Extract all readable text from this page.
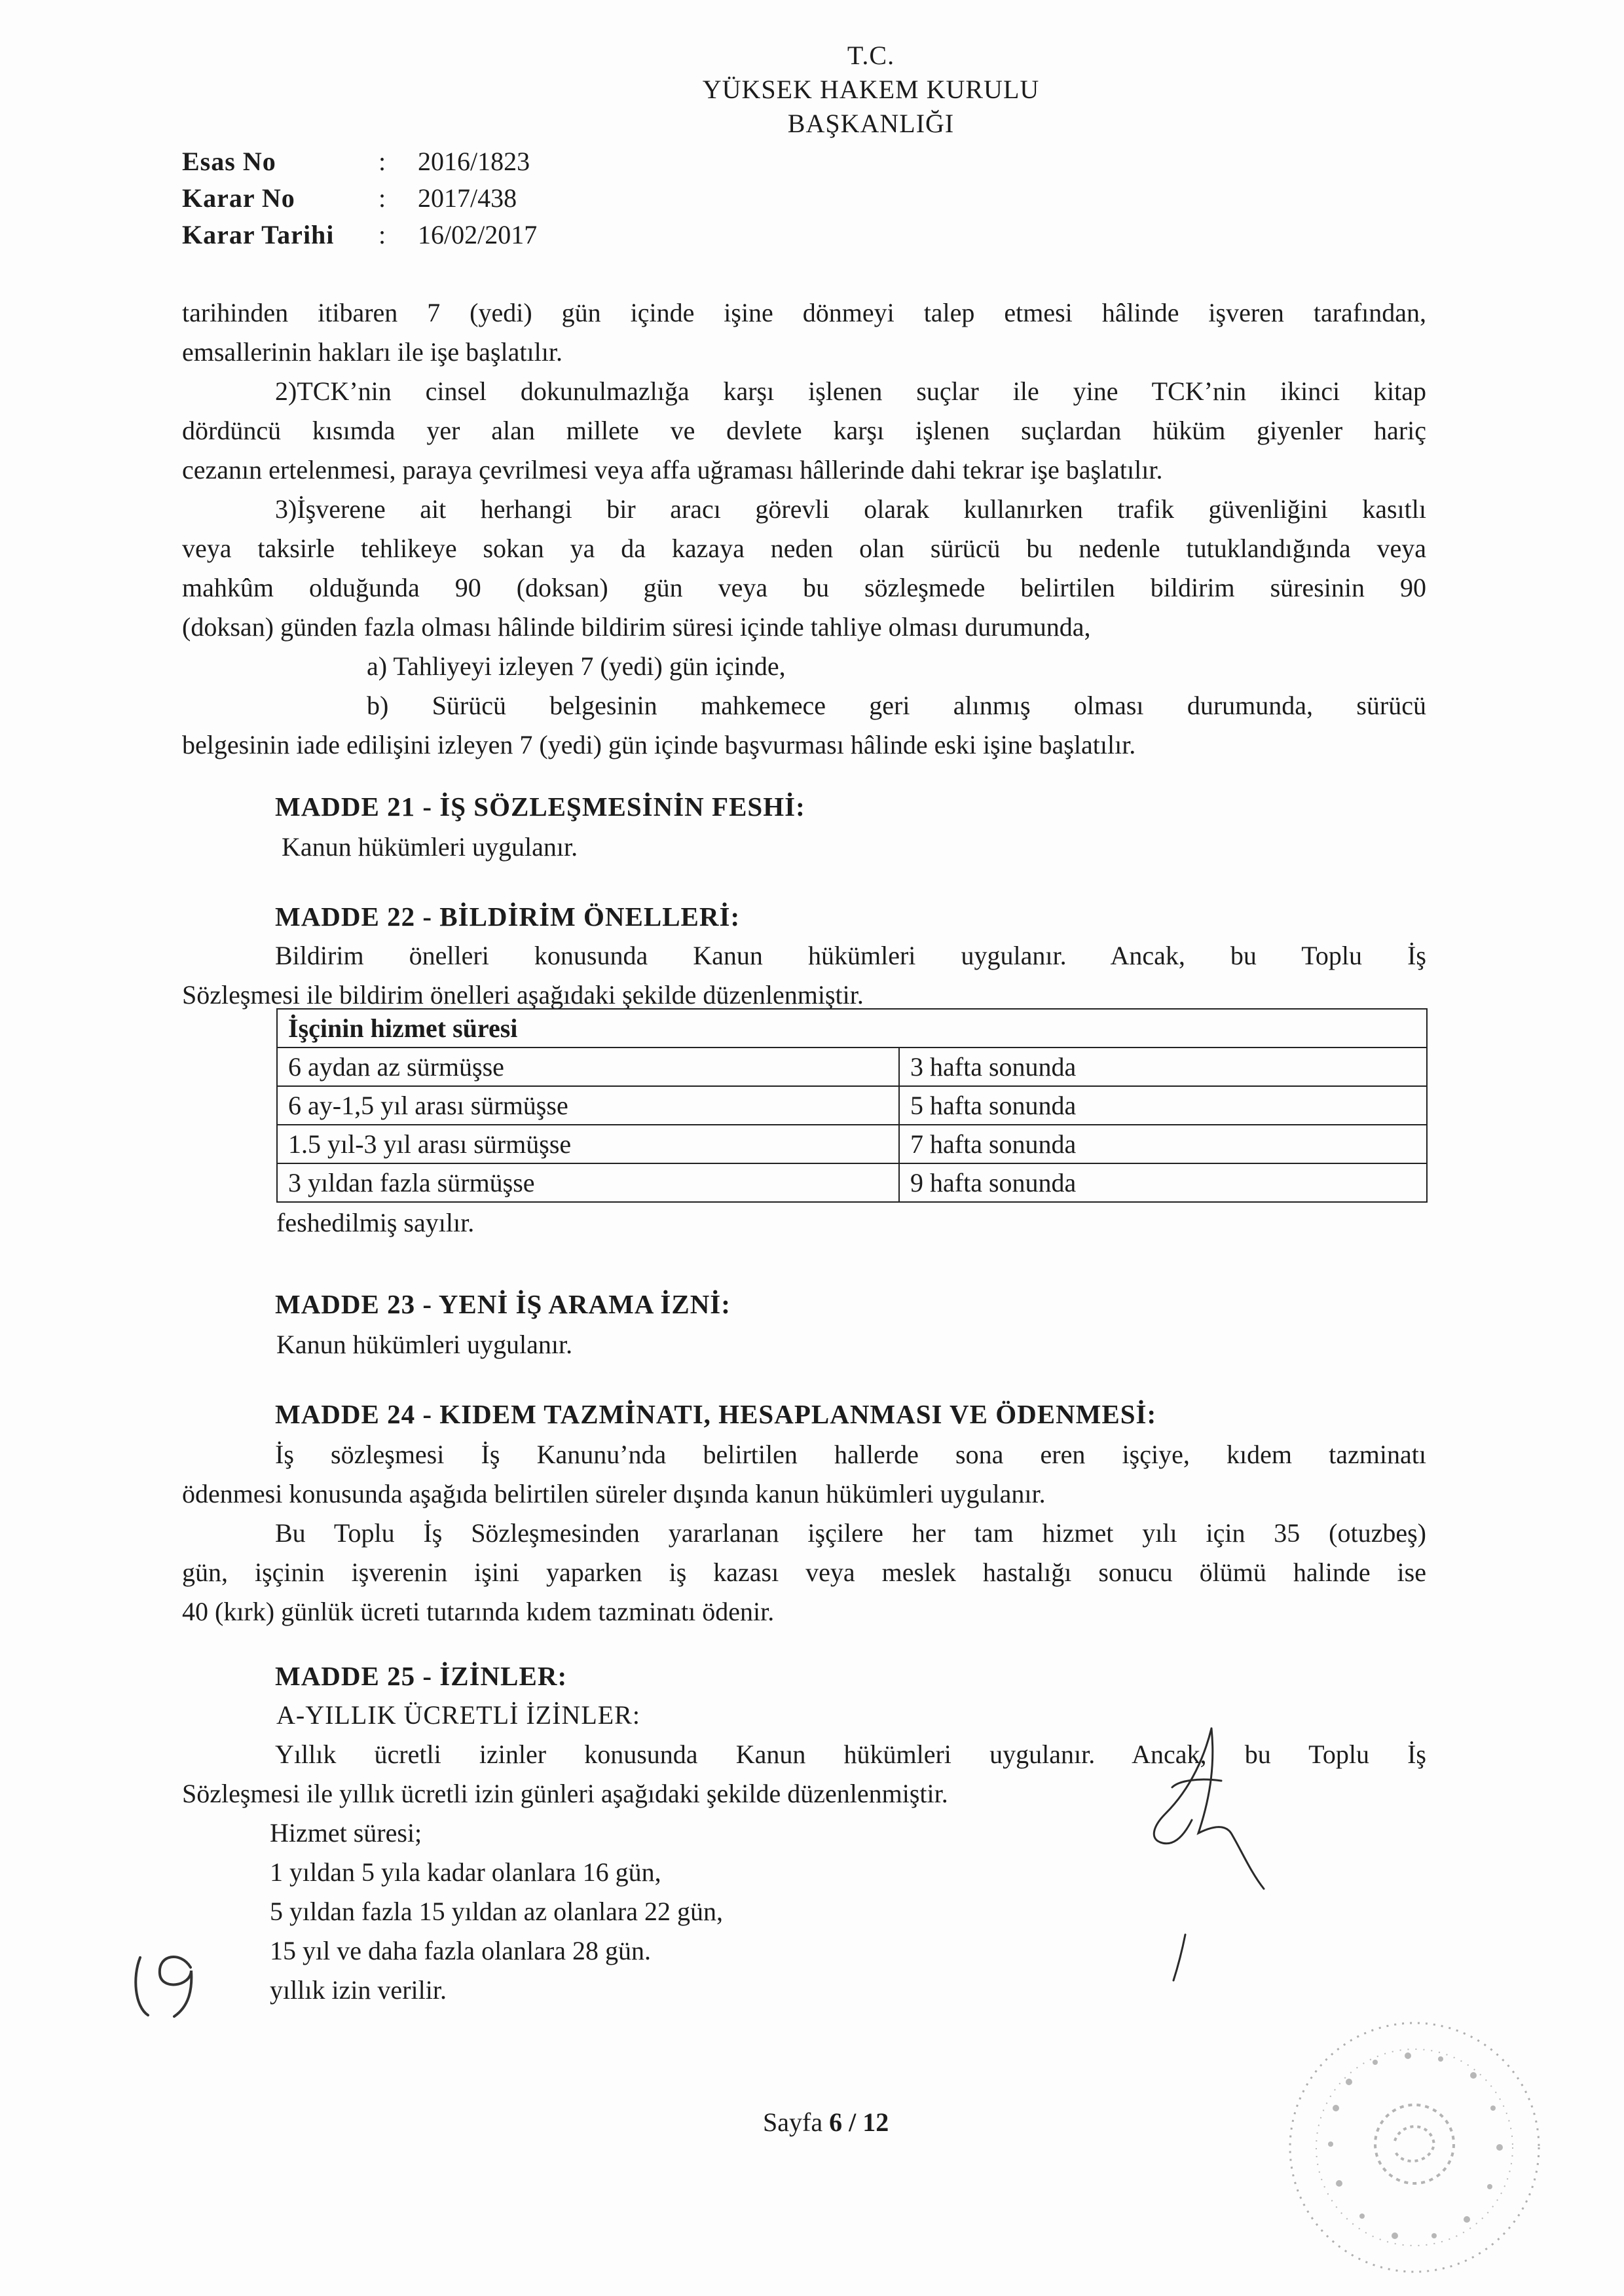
T.C.
YÜKSEK HAKEM KURULU
BAŞKANLIĞI
Esas No	: 2016/1823
Karar No	: 2017/438
Karar Tarihi : 16/02/2017
tarihinden itibaren 7 (yedi) gün içinde işine dönmeyi talep etmesi hâlinde işveren tarafından,
emsallerinin hakları ile işe başlatılır.
2)TCK’nin cinsel dokunulmazlığa karşı işlenen suçlar ile yine TCK’nin ikinci kitap
dördüncü kısımda yer alan millete ve devlete karşı işlenen suçlardan hüküm giyenler hariç
cezanın ertelenmesi, paraya çevrilmesi veya affa uğraması hâllerinde dahi tekrar işe başlatılır.
3)İşverene ait herhangi bir aracı görevli olarak kullanırken trafik güvenliğini kasıtlı
veya taksirle tehlikeye sokan ya da kazaya neden olan sürücü bu nedenle tutuklandığında veya
mahkûm olduğunda 90 (doksan) gün veya bu sözleşmede belirtilen bildirim süresinin 90
(doksan) günden fazla olması hâlinde bildirim süresi içinde tahliye olması durumunda,
a) Tahliyeyi izleyen 7 (yedi) gün içinde,
b) Sürücü belgesinin mahkemece geri alınmış olması durumunda, sürücü
belgesinin iade edilişini izleyen 7 (yedi) gün içinde başvurması hâlinde eski işine başlatılır.
MADDE 21 - İŞ SÖZLEŞMESİNİN FESHİ:
Kanun hükümleri uygulanır.
MADDE 22 - BİLDİRİM ÖNELLERİ:
Bildirim önelleri konusunda Kanun hükümleri uygulanır. Ancak, bu Toplu İş
Sözleşmesi ile bildirim önelleri aşağıdaki şekilde düzenlenmiştir.
İşçinin hizmet süresi	
6 aydan az sürmüşse	3 hafta sonunda
6 ay-1,5 yıl arası sürmüşse	5 hafta sonunda
1.5 yıl-3 yıl arası sürmüşse	7 hafta sonunda
3 yıldan fazla sürmüşse	9 hafta sonunda
feshedilmiş sayılır.
MADDE 23 - YENİ İŞ ARAMA İZNİ:
Kanun hükümleri uygulanır.
MADDE 24 - KIDEM TAZMİNATI, HESAPLANMASI VE ÖDENMESİ:
İş sözleşmesi İş Kanunu’nda belirtilen hallerde sona eren işçiye, kıdem tazminatı
ödenmesi konusunda aşağıda belirtilen süreler dışında kanun hükümleri uygulanır.
Bu Toplu İş Sözleşmesinden yararlanan işçilere her tam hizmet yılı için 35 (otuzbeş)
gün, işçinin işverenin işini yaparken iş kazası veya meslek hastalığı sonucu ölümü halinde ise
40 (kırk) günlük ücreti tutarında kıdem tazminatı ödenir.
MADDE 25 - İZİNLER:
A-YILLIK ÜCRETLİ İZİNLER:
Yıllık ücretli izinler konusunda Kanun hükümleri uygulanır. Ancak, bu Toplu İş
Sözleşmesi ile yıllık ücretli izin günleri aşağıdaki şekilde düzenlenmiştir.
Hizmet süresi;
1 yıldan 5 yıla kadar olanlara 16 gün,
5 yıldan fazla 15 yıldan az olanlara 22 gün,
15 yıl ve daha fazla olanlara 28 gün.
yıllık izin verilir.
Sayfa 6 / 12
